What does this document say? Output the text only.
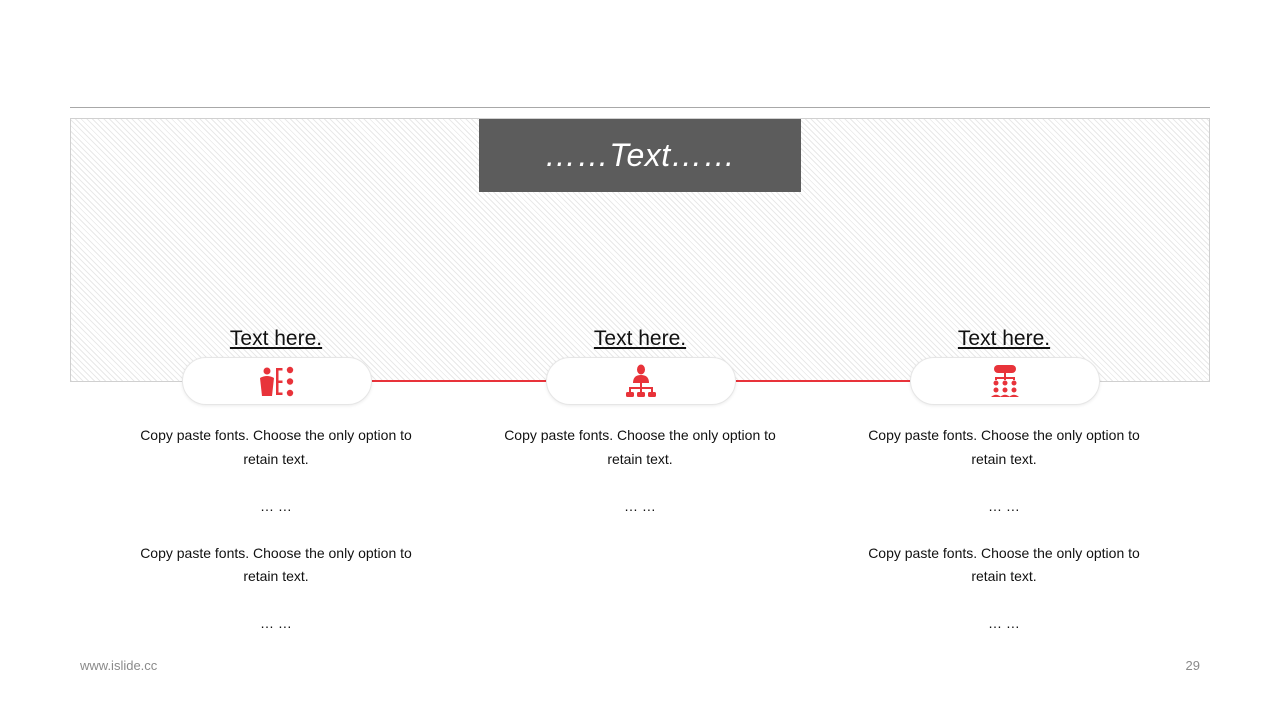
……Text……
Text here.

Copy paste fonts. Choose the only option to retain text.

… …

Copy paste fonts. Choose the only option to retain text.

… …

Text here.

Copy paste fonts. Choose the only option to retain text.

… …

Text here.

Copy paste fonts. Choose the only option to retain text.

… …

Copy paste fonts. Choose the only option to retain text.

… …

www.islide.cc	29
